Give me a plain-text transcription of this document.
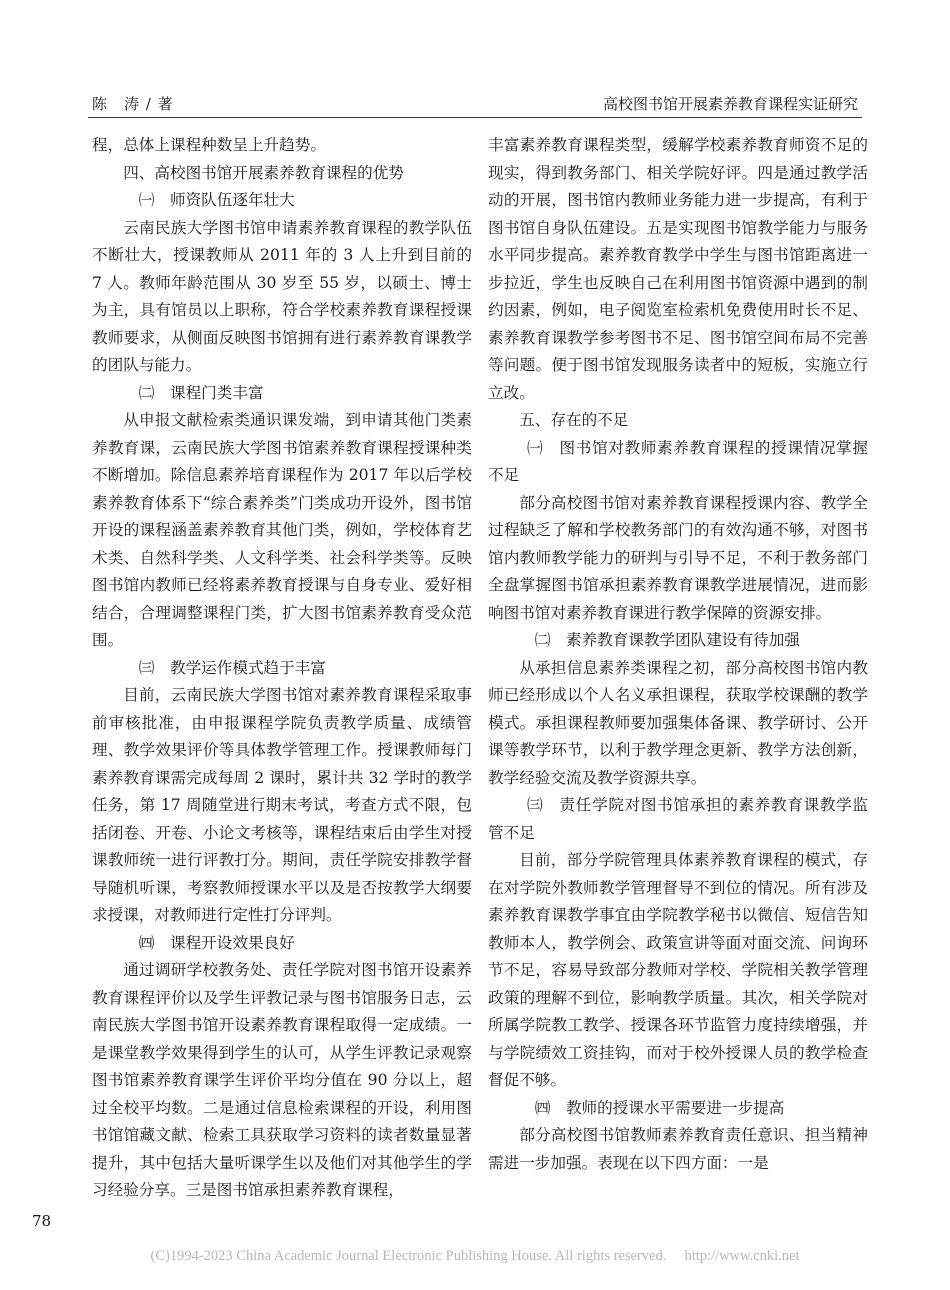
陈　涛 / 著	高校图书馆开展素养教育课程实证研究

程，总体上课程种数呈上升趋势。

四、高校图书馆开展素养教育课程的优势
㈠　师资队伍逐年壮大

云南民族大学图书馆申请素养教育课程的教学队伍不断壮大，授课教师从 2011 年的 3 人上升到目前的 7 人。教师年龄范围从 30 岁至 55 岁，以硕士、博士为主，具有馆员以上职称，符合学校素养教育课程授课教师要求，从侧面反映图书馆拥有进行素养教育课教学的团队与能力。

㈡　课程门类丰富

从申报文献检索类通识课发端，到申请其他门类素养教育课，云南民族大学图书馆素养教育课程授课种类不断增加。除信息素养培育课程作为 2017 年以后学校素养教育体系下“综合素养类”门类成功开设外，图书馆开设的课程涵盖素养教育其他门类，例如，学校体育艺术类、自然科学类、人文科学类、社会科学类等。反映图书馆内教师已经将素养教育授课与自身专业、爱好相结合，合理调整课程门类，扩大图书馆素养教育受众范围。

㈢　教学运作模式趋于丰富

目前，云南民族大学图书馆对素养教育课程采取事前审核批准，由申报课程学院负责教学质量、成绩管理、教学效果评价等具体教学管理工作。授课教师每门素养教育课需完成每周 2 课时，累计共 32 学时的教学任务，第 17 周随堂进行期末考试，考查方式不限，包括闭卷、开卷、小论文考核等，课程结束后由学生对授课教师统一进行评教打分。期间，责任学院安排教学督导随机听课，考察教师授课水平以及是否按教学大纲要求授课，对教师进行定性打分评判。

㈣　课程开设效果良好

通过调研学校教务处、责任学院对图书馆开设素养教育课程评价以及学生评教记录与图书馆服务日志，云南民族大学图书馆开设素养教育课程取得一定成绩。一是课堂教学效果得到学生的认可，从学生评教记录观察图书馆素养教育课学生评价平均分值在 90 分以上，超过全校平均数。二是通过信息检索课程的开设，利用图书馆馆藏文献、检索工具获取学习资料的读者数量显著提升，其中包括大量听课学生以及他们对其他学生的学习经验分享。三是图书馆承担素养教育课程，

丰富素养教育课程类型，缓解学校素养教育师资不足的现实，得到教务部门、相关学院好评。四是通过教学活动的开展，图书馆内教师业务能力进一步提高，有利于图书馆自身队伍建设。五是实现图书馆教学能力与服务水平同步提高。素养教育教学中学生与图书馆距离进一步拉近，学生也反映自己在利用图书馆资源中遇到的制约因素，例如，电子阅览室检索机免费使用时长不足、素养教育课教学参考图书不足、图书馆空间布局不完善等问题。便于图书馆发现服务读者中的短板，实施立行立改。

五、存在的不足
㈠　图书馆对教师素养教育课程的授课情况掌握不足

部分高校图书馆对素养教育课程授课内容、教学全过程缺乏了解和学校教务部门的有效沟通不够，对图书馆内教师教学能力的研判与引导不足，不利于教务部门全盘掌握图书馆承担素养教育课教学进展情况，进而影响图书馆对素养教育课进行教学保障的资源安排。

㈡　素养教育课教学团队建设有待加强

从承担信息素养类课程之初，部分高校图书馆内教师已经形成以个人名义承担课程，获取学校课酬的教学模式。承担课程教师要加强集体备课、教学研讨、公开课等教学环节，以利于教学理念更新、教学方法创新，教学经验交流及教学资源共享。

㈢　责任学院对图书馆承担的素养教育课教学监管不足

目前，部分学院管理具体素养教育课程的模式，存在对学院外教师教学管理督导不到位的情况。所有涉及素养教育课教学事宜由学院教学秘书以微信、短信告知教师本人，教学例会、政策宣讲等面对面交流、问询环节不足，容易导致部分教师对学校、学院相关教学管理政策的理解不到位，影响教学质量。其次，相关学院对所属学院教工教学、授课各环节监管力度持续增强，并与学院绩效工资挂钩，而对于校外授课人员的教学检查督促不够。

㈣　教师的授课水平需要进一步提高

部分高校图书馆教师素养教育责任意识、担当精神需进一步加强。表现在以下四方面：一是

78
(C)1994-2023 China Academic Journal Electronic Publishing House. All rights reserved.　 http://www.cnki.net
